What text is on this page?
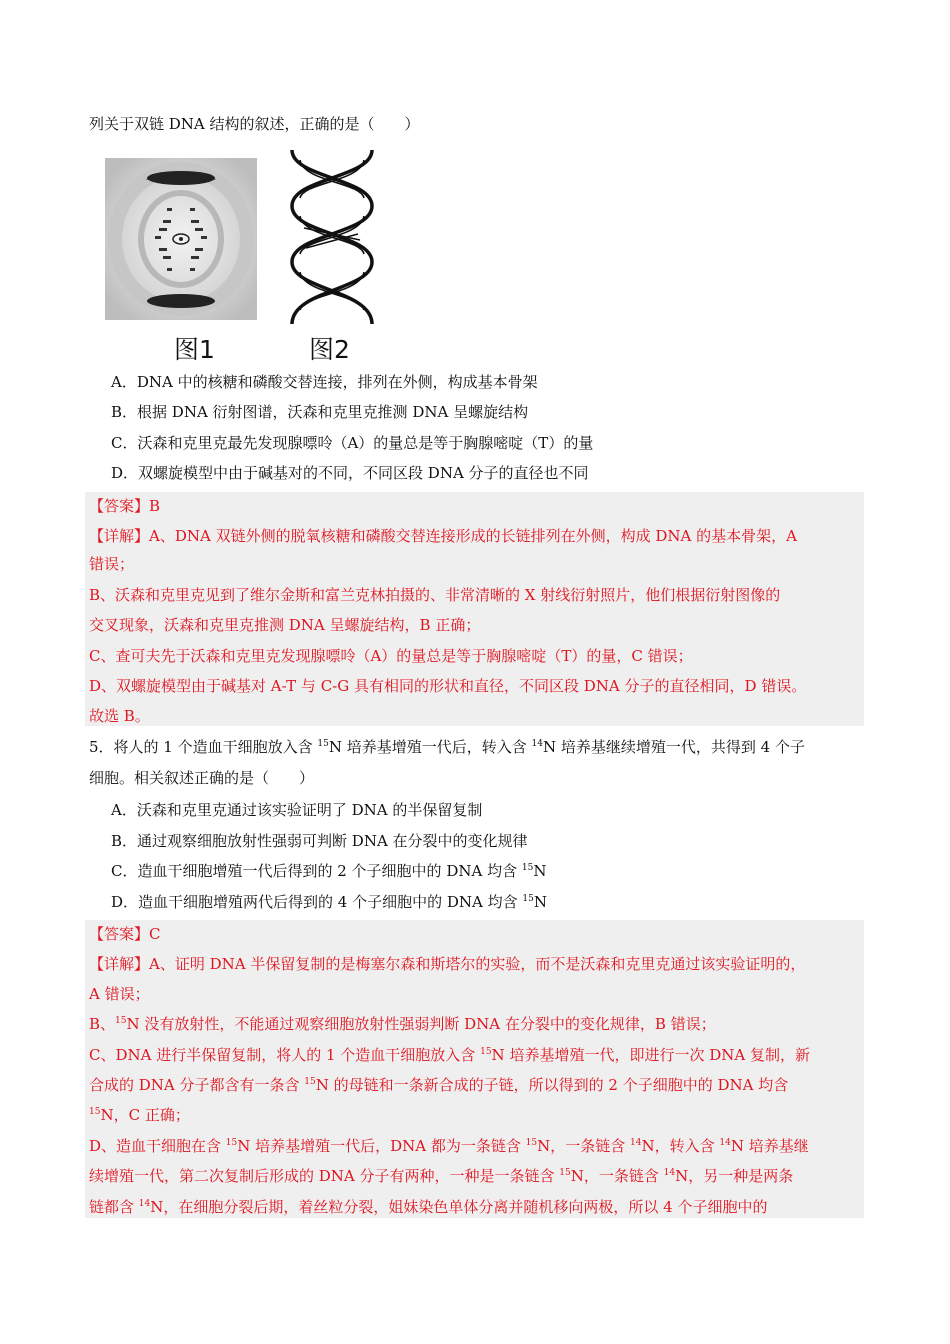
列关于双链 DNA 结构的叙述，正确的是（　　）
图1	图2
A．DNA 中的核糖和磷酸交替连接，排列在外侧，构成基本骨架
B．根据 DNA 衍射图谱，沃森和克里克推测 DNA 呈螺旋结构
C．沃森和克里克最先发现腺嘌呤（A）的量总是等于胸腺嘧啶（T）的量
D．双螺旋模型中由于碱基对的不同，不同区段 DNA 分子的直径也不同
【答案】B
【详解】A、DNA 双链外侧的脱氧核糖和磷酸交替连接形成的长链排列在外侧，构成 DNA 的基本骨架，A
错误；
B、沃森和克里克见到了维尔金斯和富兰克林拍摄的、非常清晰的 X 射线衍射照片，他们根据衍射图像的
交叉现象，沃森和克里克推测 DNA 呈螺旋结构，B 正确；
C、查可夫先于沃森和克里克发现腺嘌呤（A）的量总是等于胸腺嘧啶（T）的量，C 错误；
D、双螺旋模型由于碱基对 A-T 与 C-G 具有相同的形状和直径，不同区段 DNA 分子的直径相同，D 错误。
故选 B。
5．将人的 1 个造血干细胞放入含 $^{15}$N 培养基增殖一代后，转入含 $^{14}$N 培养基继续增殖一代，共得到 4 个子
细胞。相关叙述正确的是（　　）
A．沃森和克里克通过该实验证明了 DNA 的半保留复制
B．通过观察细胞放射性强弱可判断 DNA 在分裂中的变化规律
C．造血干细胞增殖一代后得到的 2 个子细胞中的 DNA 均含 $^{15}$N
D．造血干细胞增殖两代后得到的 4 个子细胞中的 DNA 均含 $^{15}$N
【答案】C
【详解】A、证明 DNA 半保留复制的是梅塞尔森和斯塔尔的实验，而不是沃森和克里克通过该实验证明的，
A 错误；
B、$^{15}$N 没有放射性，不能通过观察细胞放射性强弱判断 DNA 在分裂中的变化规律，B 错误；
C、DNA 进行半保留复制，将人的 1 个造血干细胞放入含 $^{15}$N 培养基增殖一代，即进行一次 DNA 复制，新
合成的 DNA 分子都含有一条含 $^{15}$N 的母链和一条新合成的子链，所以得到的 2 个子细胞中的 DNA 均含
$^{15}$N，C 正确；
D、造血干细胞在含 $^{15}$N 培养基增殖一代后，DNA 都为一条链含 $^{15}$N，一条链含 $^{14}$N，转入含 $^{14}$N 培养基继
续增殖一代，第二次复制后形成的 DNA 分子有两种，一种是一条链含 $^{15}$N，一条链含 $^{14}$N，另一种是两条
链都含 $^{14}$N，在细胞分裂后期，着丝粒分裂，姐妹染色单体分离并随机移向两极，所以 4 个子细胞中的
